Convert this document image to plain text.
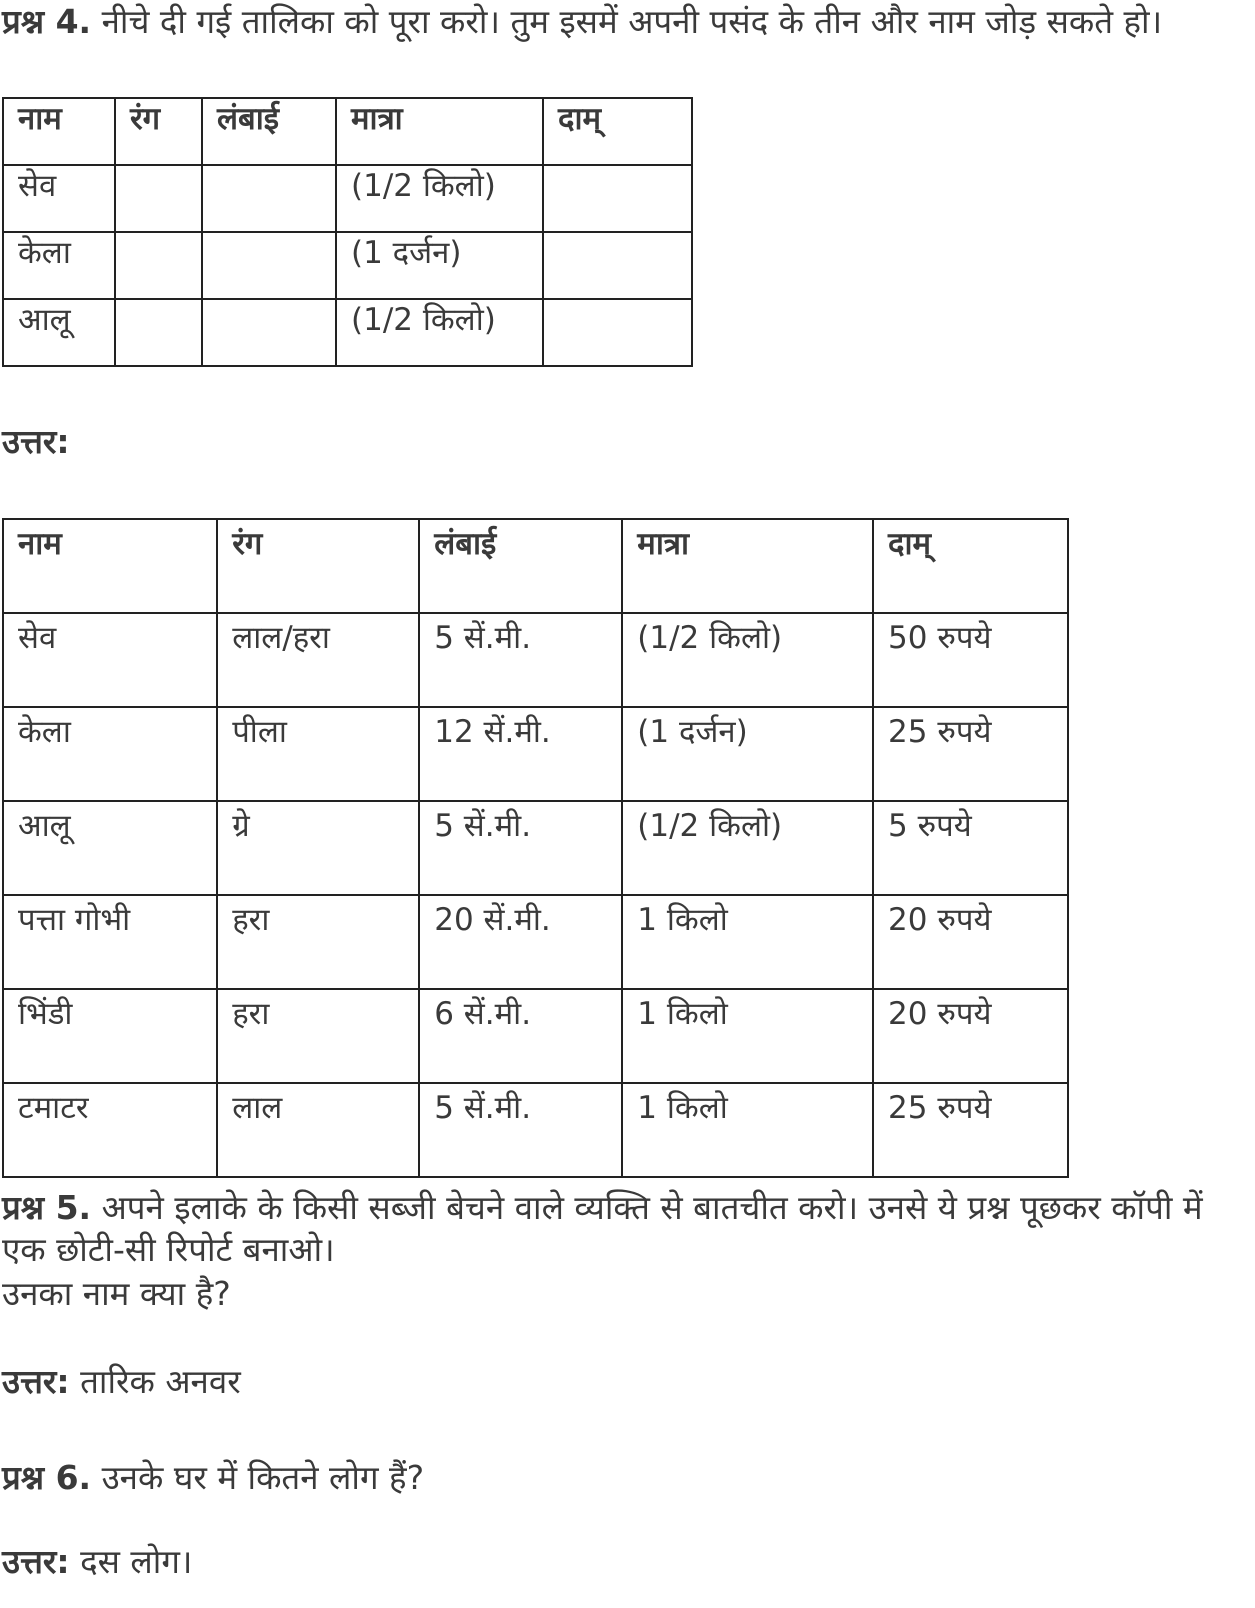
प्रश्न 4. नीचे दी गई तालिका को पूरा करो। तुम इसमें अपनी पसंद के तीन और नाम जोड़ सकते हो।
नाम	रंग	लंबाई	मात्रा	दाम्
सेव			(1/2 किलो)	
केला			(1 दर्जन)	
आलू			(1/2 किलो)	
उत्तर:
नाम	रंग	लंबाई	मात्रा	दाम्
सेव	लाल/हरा	5 सें.मी.	(1/2 किलो)	50 रुपये
केला	पीला	12 सें.मी.	(1 दर्जन)	25 रुपये
आलू	ग्रे	5 सें.मी.	(1/2 किलो)	5 रुपये
पत्ता गोभी	हरा	20 सें.मी.	1 किलो	20 रुपये
भिंडी	हरा	6 सें.मी.	1 किलो	20 रुपये
टमाटर	लाल	5 सें.मी.	1 किलो	25 रुपये
प्रश्न 5. अपने इलाके के किसी सब्जी बेचने वाले व्यक्ति से बातचीत करो। उनसे ये प्रश्न पूछकर कॉपी में
एक छोटी-सी रिपोर्ट बनाओ।
उनका नाम क्या है?
उत्तर: तारिक अनवर
प्रश्न 6. उनके घर में कितने लोग हैं?
उत्तर: दस लोग।
